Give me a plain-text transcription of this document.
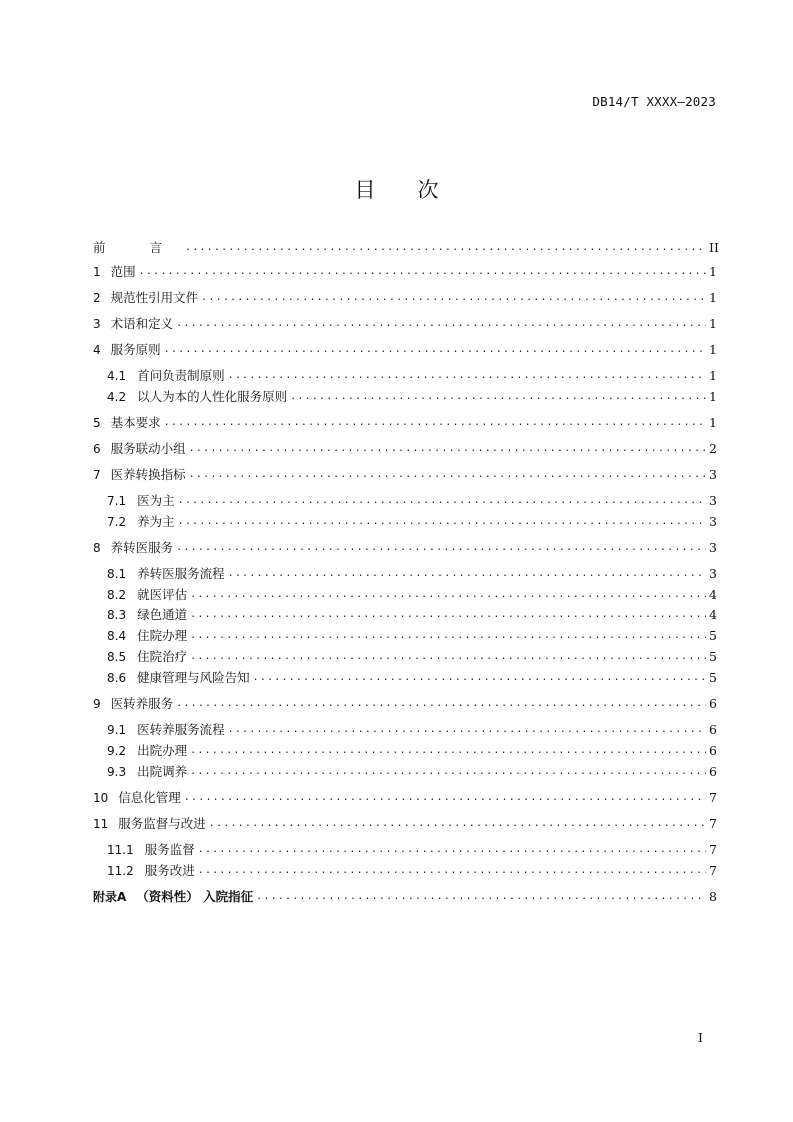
DB14/T XXXX—2023
目次
前 言 .....	II
1 范围 .....	1
2 规范性引用文件 .....	1
3 术语和定义 .....	1
4 服务原则 .....	1
4.1 首问负责制原则 .....	1
4.2 以人为本的人性化服务原则 .....	1
5 基本要求 .....	1
6 服务联动小组 .....	2
7 医养转换指标 .....	3
7.1 医为主 .....	3
7.2 养为主 .....	3
8 养转医服务 .....	3
8.1 养转医服务流程 .....	3
8.2 就医评估 .....	4
8.3 绿色通道 .....	4
8.4 住院办理 .....	5
8.5 住院治疗 .....	5
8.6 健康管理与风险告知 .....	5
9 医转养服务 .....	6
9.1 医转养服务流程 .....	6
9.2 出院办理 .....	6
9.3 出院调养 .....	6
10 信息化管理 .....	7
11 服务监督与改进 .....	7
11.1 服务监督 .....	7
11.2 服务改进 .....	7
附录A （资料性） 入院指征 .....	8
I
